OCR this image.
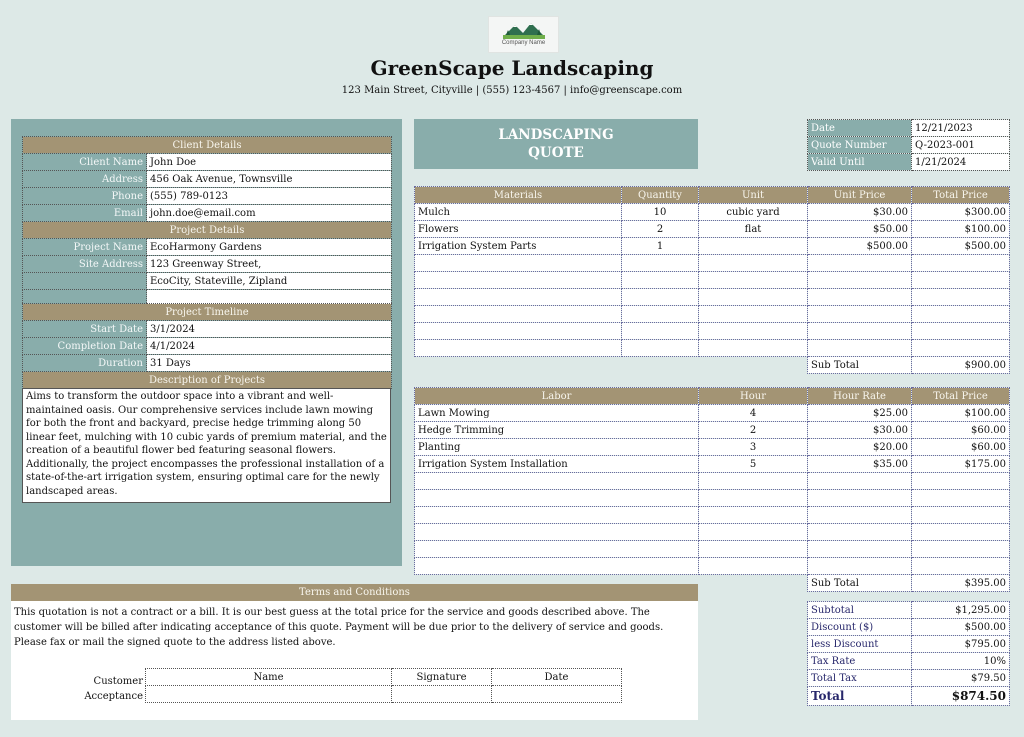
Company Name
GreenScape Landscaping
123 Main Street, Cityville | (555) 123-4567 | info@greenscape.com
Client Details	
Client Name	John Doe
Address	456 Oak Avenue, Townsville
Phone	(555) 789-0123
Email	john.doe@email.com
Project Details	
Project Name	EcoHarmony Gardens
Site Address	123 Greenway Street,
	EcoCity, Stateville, Zipland

Project Timeline	
Start Date	3/1/2024
Completion Date	4/1/2024
Duration	31 Days
Description of Projects	
Aims to transform the outdoor space into a vibrant and well-maintained oasis. Our comprehensive services include lawn mowing for both the front and backyard, precise hedge trimming along 50 linear feet, mulching with 10 cubic yards of premium material, and the creation of a beautiful flower bed featuring seasonal flowers. Additionally, the project encompasses the professional installation of a state-of-the-art irrigation system, ensuring optimal care for the newly landscaped areas.
LANDSCAPING
QUOTE
Date	12/21/2023
Quote Number	Q-2023-001
Valid Until	1/21/2024
Materials	Quantity	Unit	Unit Price	Total Price
Mulch	10	cubic yard	$30.00	$300.00
Flowers	2	flat	$50.00	$100.00
Irrigation System Parts	1		$500.00	$500.00

			Sub Total	$900.00
Labor	Hour	Hour Rate	Total Price
Lawn Mowing	4	$25.00	$100.00
Hedge Trimming	2	$30.00	$60.00
Planting	3	$20.00	$60.00
Irrigation System Installation	5	$35.00	$175.00

		Sub Total	$395.00
Subtotal	$1,295.00
Discount ($)	$500.00
less Discount	$795.00
Tax Rate	10%
Total Tax	$79.50
Total	$874.50
Terms and Conditions
This quotation is not a contract or a bill. It is our best guess at the total price for the service and goods described above. The customer will be billed after indicating acceptance of this quote. Payment will be due prior to the delivery of service and goods. Please fax or mail the signed quote to the address listed above.
Customer
Acceptance
Name	Signature	Date
